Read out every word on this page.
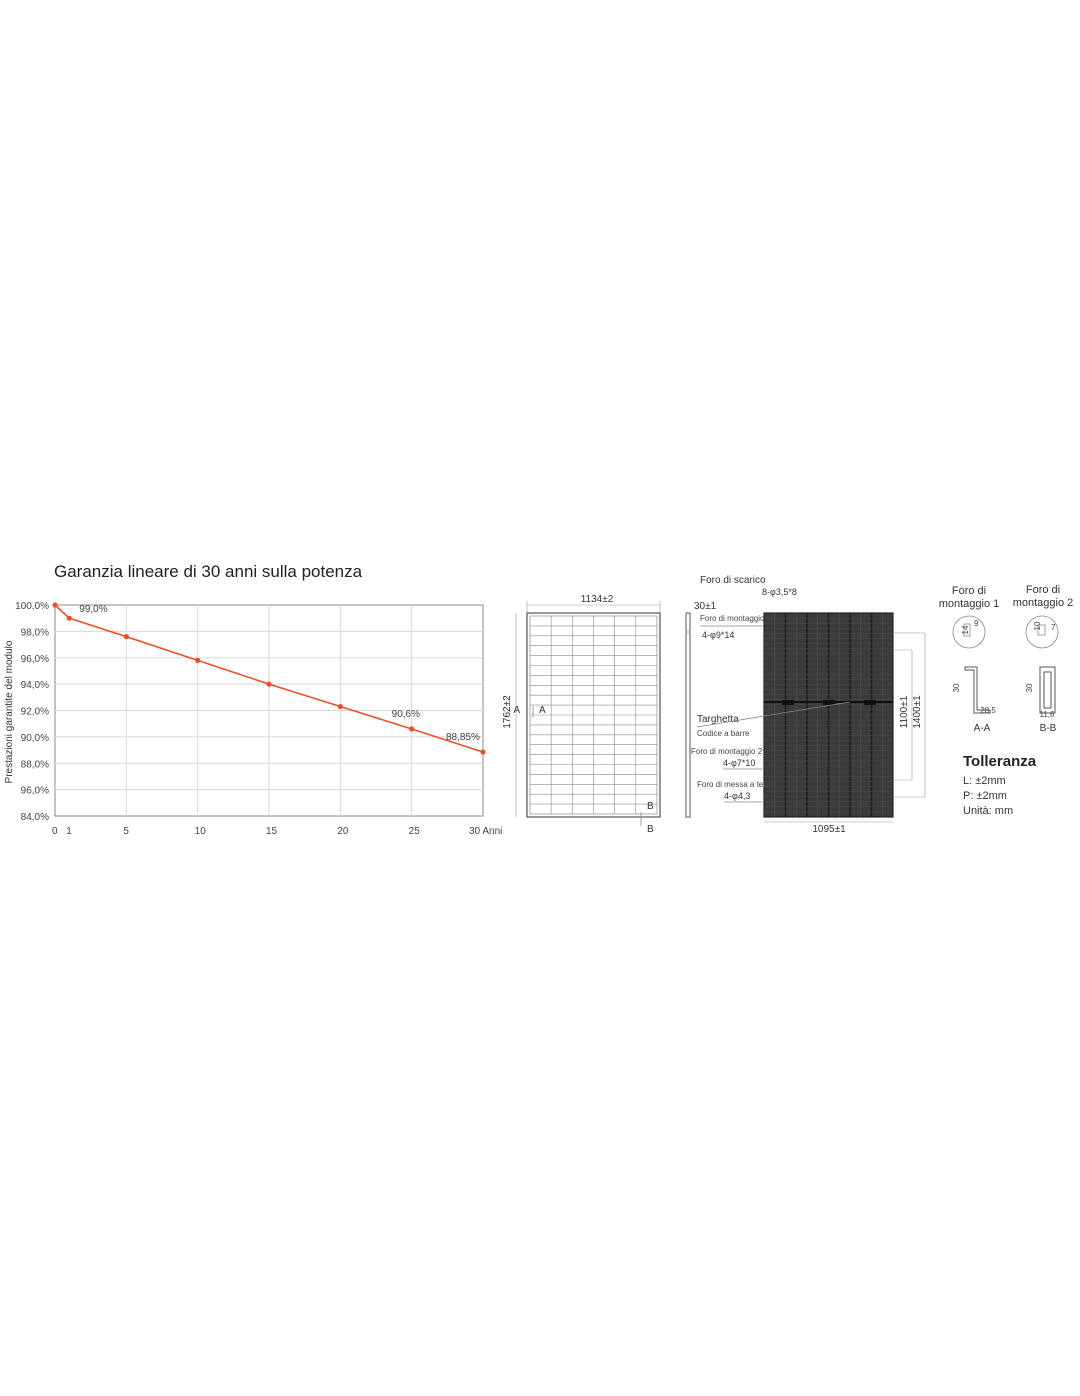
Garanzia lineare di 30 anni sulla potenza
Prestazioni garantite del modulo
84,0%
96,0%
88,0%
90,0%
92,0%
94,0%
96,0%
98,0%
100,0%
0 1	5	10	15	20	25	30 Anni
99,0%
90,6%
88,85%
1134±2
1762±2 A A
B
B
30±1
Foro di scarico
8-φ3,5*8
Foro di montaggio 1
4-φ9*14
Targhetta
Codice a barre
Foro di montaggio 2
4-φ7*10
Foro di messa a terra
4-φ4,3
1095±1
1100±1 1400±1
Foro di
montaggio 1
Foro di
montaggio 2
14
9	10 7
30
28,5
A-A
30
11,6
B-B
Tolleranza
L: ±2mm
P: ±2mm
Unità: mm
